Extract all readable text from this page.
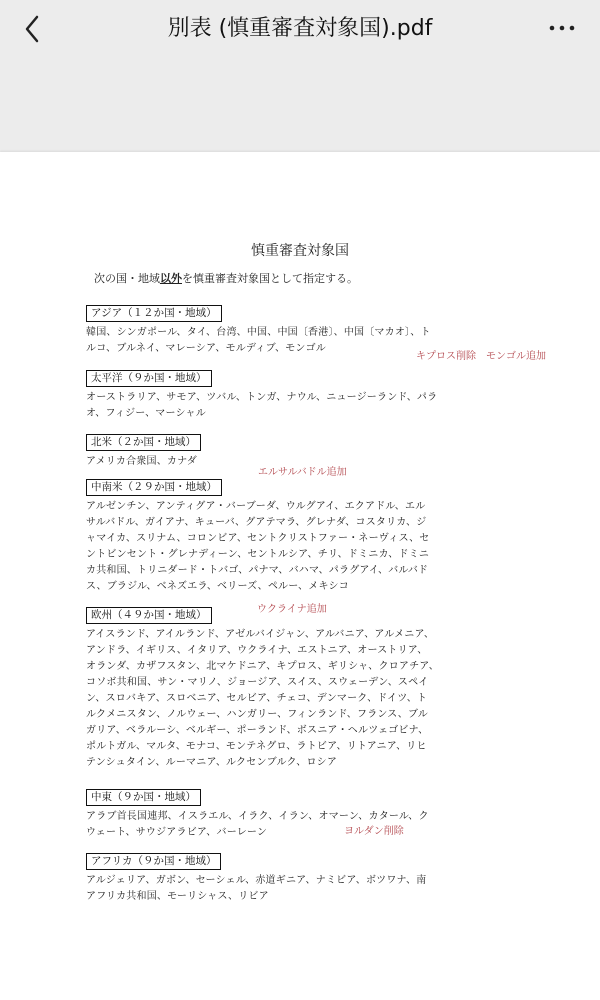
別表 (慎重審査対象国).pdf
慎重審査対象国
次の国・地域以外を慎重審査対象国として指定する。
アジア（１２か国・地域）
韓国、シンガポール、タイ、台湾、中国、中国〔香港〕、中国〔マカオ〕、ト
ルコ、ブルネイ、マレーシア、モルディブ、モンゴル
太平洋（９か国・地域）
オーストラリア、サモア、ツバル、トンガ、ナウル、ニュージーランド、パラ
オ、フィジー、マーシャル
北米（２か国・地域）
アメリカ合衆国、カナダ
中南米（２９か国・地域）
アルゼンチン、アンティグア・バーブーダ、ウルグアイ、エクアドル、エル
サルバドル、ガイアナ、キューバ、グアテマラ、グレナダ、コスタリカ、ジ
ャマイカ、スリナム、コロンビア、セントクリストファー・ネーヴィス、セ
ントビンセント・グレナディーン、セントルシア、チリ、ドミニカ、ドミニ
カ共和国、トリニダード・トバゴ、パナマ、バハマ、パラグアイ、バルバド
ス、ブラジル、ベネズエラ、ベリーズ、ペルー、メキシコ
欧州（４９か国・地域）
アイスランド、アイルランド、アゼルバイジャン、アルバニア、アルメニア、
アンドラ、イギリス、イタリア、ウクライナ、エストニア、オーストリア、
オランダ、カザフスタン、北マケドニア、キプロス、ギリシャ、クロアチア、
コソボ共和国、サン・マリノ、ジョージア、スイス、スウェーデン、スペイ
ン、スロバキア、スロベニア、セルビア、チェコ、デンマーク、ドイツ、ト
ルクメニスタン、ノルウェー、ハンガリー、フィンランド、フランス、ブル
ガリア、ベラルーシ、ベルギー、ポーランド、ボスニア・ヘルツェゴビナ、
ポルトガル、マルタ、モナコ、モンテネグロ、ラトビア、リトアニア、リヒ
テンシュタイン、ルーマニア、ルクセンブルク、ロシア
中東（９か国・地域）
アラブ首長国連邦、イスラエル、イラク、イラン、オマーン、カタール、ク
ウェート、サウジアラビア、バーレーン
アフリカ（９か国・地域）
アルジェリア、ガボン、セーシェル、赤道ギニア、ナミビア、ボツワナ、南
アフリカ共和国、モーリシャス、リビア
キプロス削除　モンゴル追加
エルサルバドル追加
ウクライナ追加
ヨルダン削除
